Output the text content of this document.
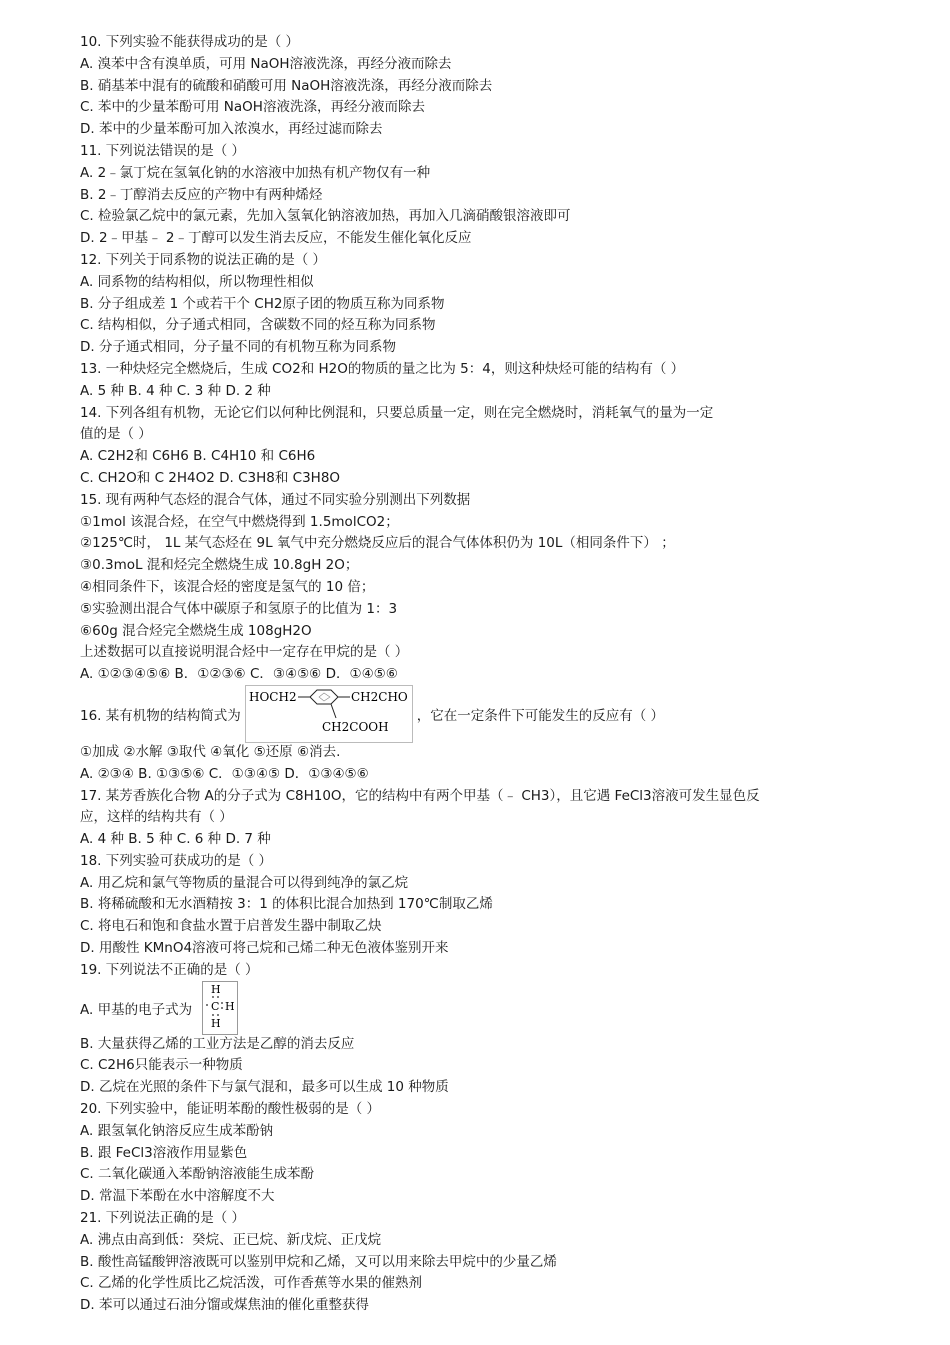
10. 下列实验不能获得成功的是（ ）
A. 溴苯中含有溴单质，可用 NaOH溶液洗涤，再经分液而除去
B. 硝基苯中混有的硫酸和硝酸可用 NaOH溶液洗涤，再经分液而除去
C. 苯中的少量苯酚可用 NaOH溶液洗涤，再经分液而除去
D. 苯中的少量苯酚可加入浓溴水，再经过滤而除去
11. 下列说法错误的是（ ）
A. 2﹣氯丁烷在氢氧化钠的水溶液中加热有机产物仅有一种
B. 2﹣丁醇消去反应的产物中有两种烯烃
C. 检验氯乙烷中的氯元素，先加入氢氧化钠溶液加热，再加入几滴硝酸银溶液即可
D. 2﹣甲基﹣ 2﹣丁醇可以发生消去反应，不能发生催化氧化反应
12. 下列关于同系物的说法正确的是（ ）
A. 同系物的结构相似，所以物理性相似
B. 分子组成差 1 个或若干个 CH2原子团的物质互称为同系物
C. 结构相似，分子通式相同，含碳数不同的烃互称为同系物
D. 分子通式相同，分子量不同的有机物互称为同系物
13. 一种炔烃完全燃烧后，生成 CO2和 H2O的物质的量之比为 5：4，则这种炔烃可能的结构有（ ）
A. 5 种 B. 4 种 C. 3 种 D. 2 种
14. 下列各组有机物，无论它们以何种比例混和，只要总质量一定，则在完全燃烧时，消耗氧气的量为一定
值的是（ ）
A. C2H2和 C6H6 B. C4H10 和 C6H6
C. CH2O和 C 2H4O2 D. C3H8和 C3H8O
15. 现有两种气态烃的混合气体，通过不同实验分别测出下列数据
①1mol 该混合烃，在空气中燃烧得到 1.5molCO2；
②125℃时， 1L 某气态烃在 9L 氧气中充分燃烧反应后的混合气体体积仍为 10L（相同条件下） ；
③0.3moL 混和烃完全燃烧生成 10.8gH 2O；
④相同条件下，该混合烃的密度是氢气的 10 倍；
⑤实验测出混合气体中碳原子和氢原子的比值为 1：3
⑥60g 混合烃完全燃烧生成 108gH2O
上述数据可以直接说明混合烃中一定存在甲烷的是（ ）
A. ①②③④⑤⑥ B．①②③⑥ C．③④⑤⑥ D．①④⑤⑥
16. 某有机物的结构简式为
HOCH2	CH2CHO
CH2COOH
，它在一定条件下可能发生的反应有（ ）
①加成 ②水解 ③取代 ④氧化 ⑤还原 ⑥消去.
A. ②③④ B. ①③⑤⑥ C．①③④⑤ D．①③④⑤⑥
17. 某芳香族化合物 A的分子式为 C8H10O，它的结构中有两个甲基（﹣ CH3），且它遇 FeCl3溶液可发生显色反
应，这样的结构共有（ ）
A. 4 种 B. 5 种 C. 6 种 D. 7 种
18. 下列实验可获成功的是（ ）
A. 用乙烷和氯气等物质的量混合可以得到纯净的氯乙烷
B. 将稀硫酸和无水酒精按 3：1 的体积比混合加热到 170℃制取乙烯
C. 将电石和饱和食盐水置于启普发生器中制取乙炔
D. 用酸性 KMnO4溶液可将己烷和己烯二种无色液体鉴别开来
19. 下列说法不正确的是（ ）
A. 甲基的电子式为
H
C H
H
B. 大量获得乙烯的工业方法是乙醇的消去反应
C. C2H6只能表示一种物质
D. 乙烷在光照的条件下与氯气混和，最多可以生成 10 种物质
20. 下列实验中，能证明苯酚的酸性极弱的是（ ）
A. 跟氢氧化钠溶反应生成苯酚钠
B. 跟 FeCl3溶液作用显紫色
C. 二氧化碳通入苯酚钠溶液能生成苯酚
D. 常温下苯酚在水中溶解度不大
21. 下列说法正确的是（ ）
A. 沸点由高到低：癸烷、正已烷、新戊烷、正戊烷
B. 酸性高锰酸钾溶液既可以鉴别甲烷和乙烯，又可以用来除去甲烷中的少量乙烯
C. 乙烯的化学性质比乙烷活泼，可作香蕉等水果的催熟剂
D. 苯可以通过石油分馏或煤焦油的催化重整获得
